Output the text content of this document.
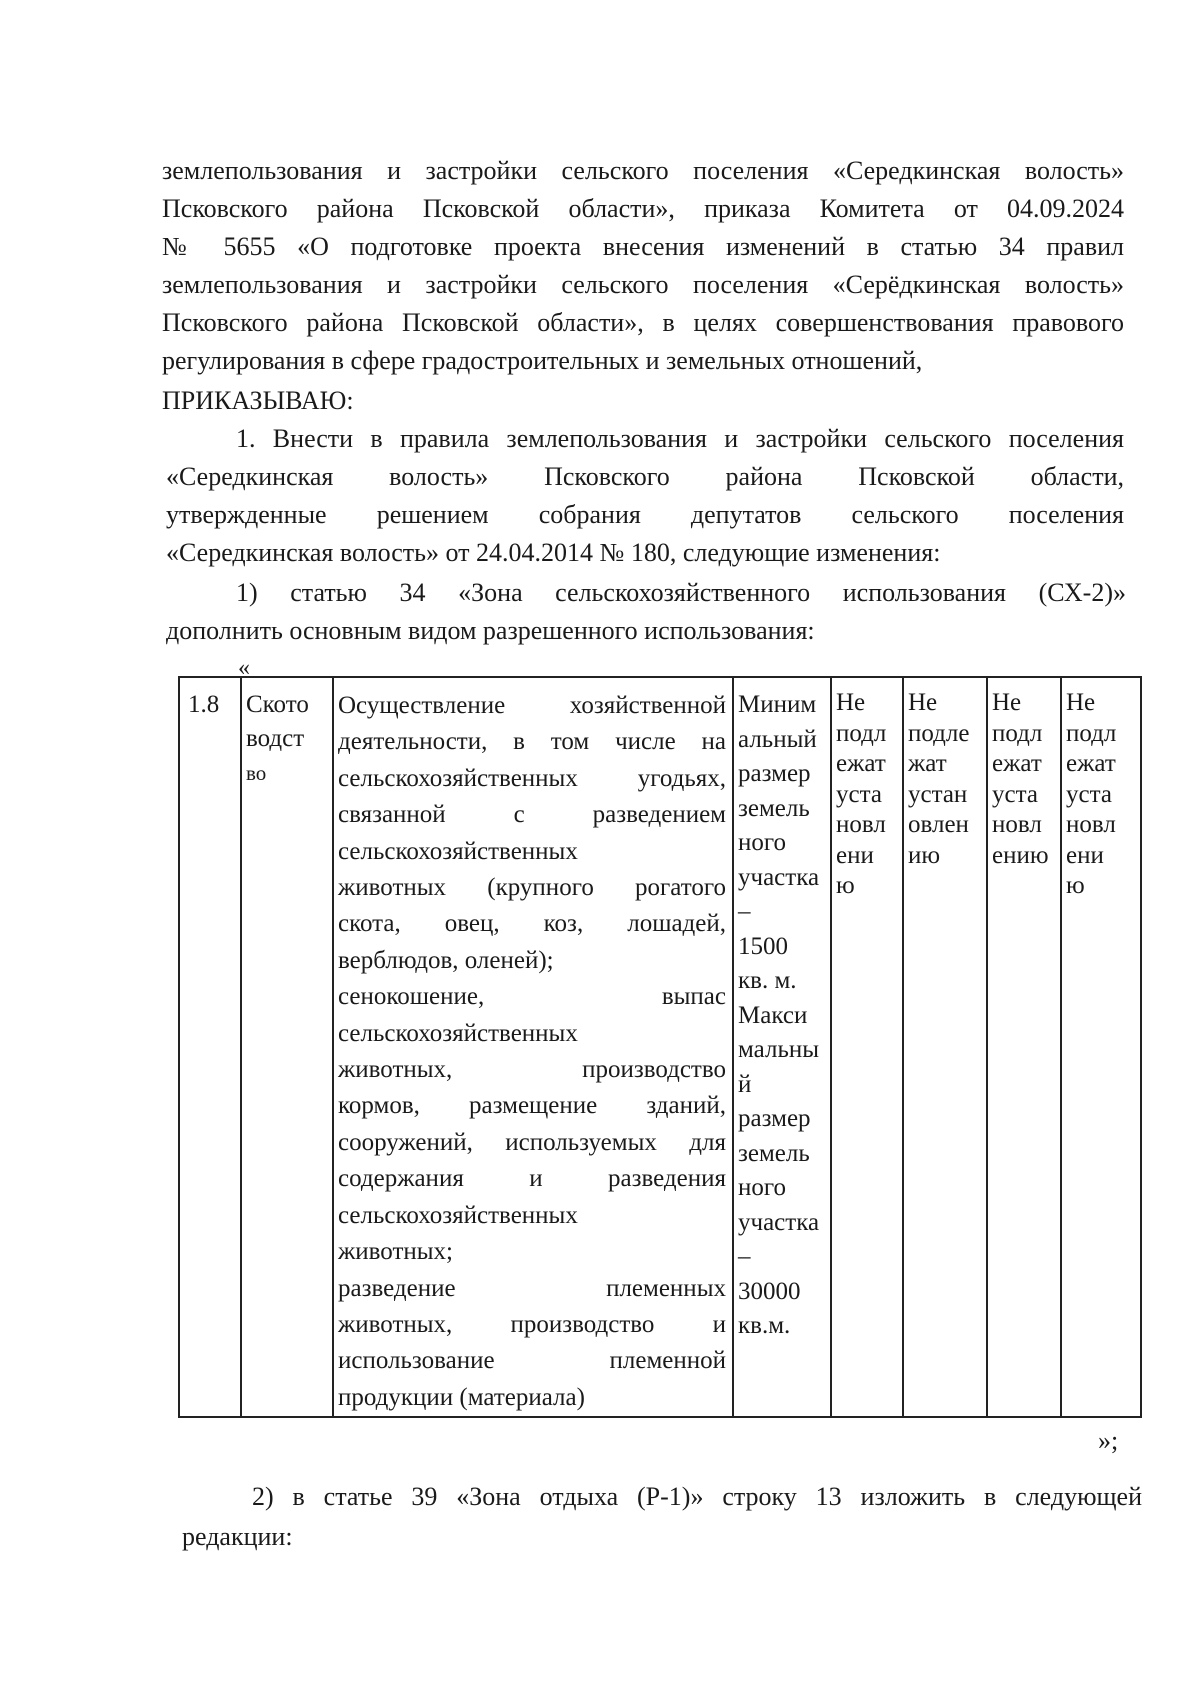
землепользования и застройки сельского поселения «Середкинская волость»
Псковского района Псковской области», приказа Комитета от 04.09.2024
№ 5655 «О подготовке проекта внесения изменений в статью 34 правил
землепользования и застройки сельского поселения «Серёдкинская волость»
Псковского района Псковской области», в целях совершенствования правового
регулирования в сфере градостроительных и земельных отношений,
ПРИКАЗЫВАЮ:
1. Внести в правила землепользования и застройки сельского поселения
«Середкинская волость» Псковского района Псковской области,
утвержденные решением собрания депутатов сельского поселения
«Середкинская волость» от 24.04.2014 № 180, следующие изменения:
1) статью 34 «Зона сельскохозяйственного использования (СХ-2)»
дополнить основным видом разрешенного использования:
«
1.8 Ското
водст
во
Осуществление хозяйственной
деятельности, в том числе на
сельскохозяйственных угодьях,
связанной с разведением
сельскохозяйственных
животных (крупного рогатого
скота, овец, коз, лошадей,
верблюдов, оленей);
сенокошение, выпас
сельскохозяйственных
животных, производство
кормов, размещение зданий,
сооружений, используемых для
содержания и разведения
сельскохозяйственных
животных;
разведение племенных
животных, производство и
использование племенной
продукции (материала)
Миним
альный
размер
земель
ного
участка
–
1500
кв. м.
Макси
мальны
й
размер
земель
ного
участка
–
30000
кв.м.
Не
подл
ежат
уста
новл
ени
ю
Не
подле
жат
устан
овлен
ию
Не
подл
ежат
уста
новл
ению
Не
подл
ежат
уста
новл
ени
ю
»;
2) в статье 39 «Зона отдыха (Р-1)» строку 13 изложить в следующей
редакции:
